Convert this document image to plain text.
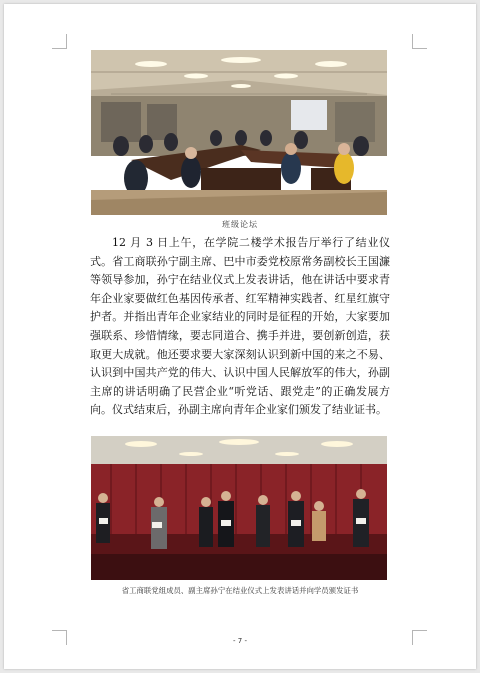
班级论坛

12 月 3 日上午，在学院二楼学术报告厅举行了结业仪式。省工商联孙宁副主席、巴中市委党校原常务副校长王国濂等领导参加，孙宁在结业仪式上发表讲话，他在讲话中要求青年企业家要做红色基因传承者、红军精神实践者、红星红旗守护者。并指出青年企业家结业的同时是征程的开始，大家要加强联系、珍惜情缘，要志同道合、携手并进，要创新创造，获取更大成就。他还要求要大家深刻认识到新中国的来之不易、认识到中国共产党的伟大、认识中国人民解放军的伟大，孙副主席的讲话明确了民营企业“听党话、跟党走”的正确发展方向。仪式结束后，孙副主席向青年企业家们颁发了结业证书。

省工商联党组成员、副主席孙宁在结业仪式上发表讲话并向学员颁发证书
- 7 -
